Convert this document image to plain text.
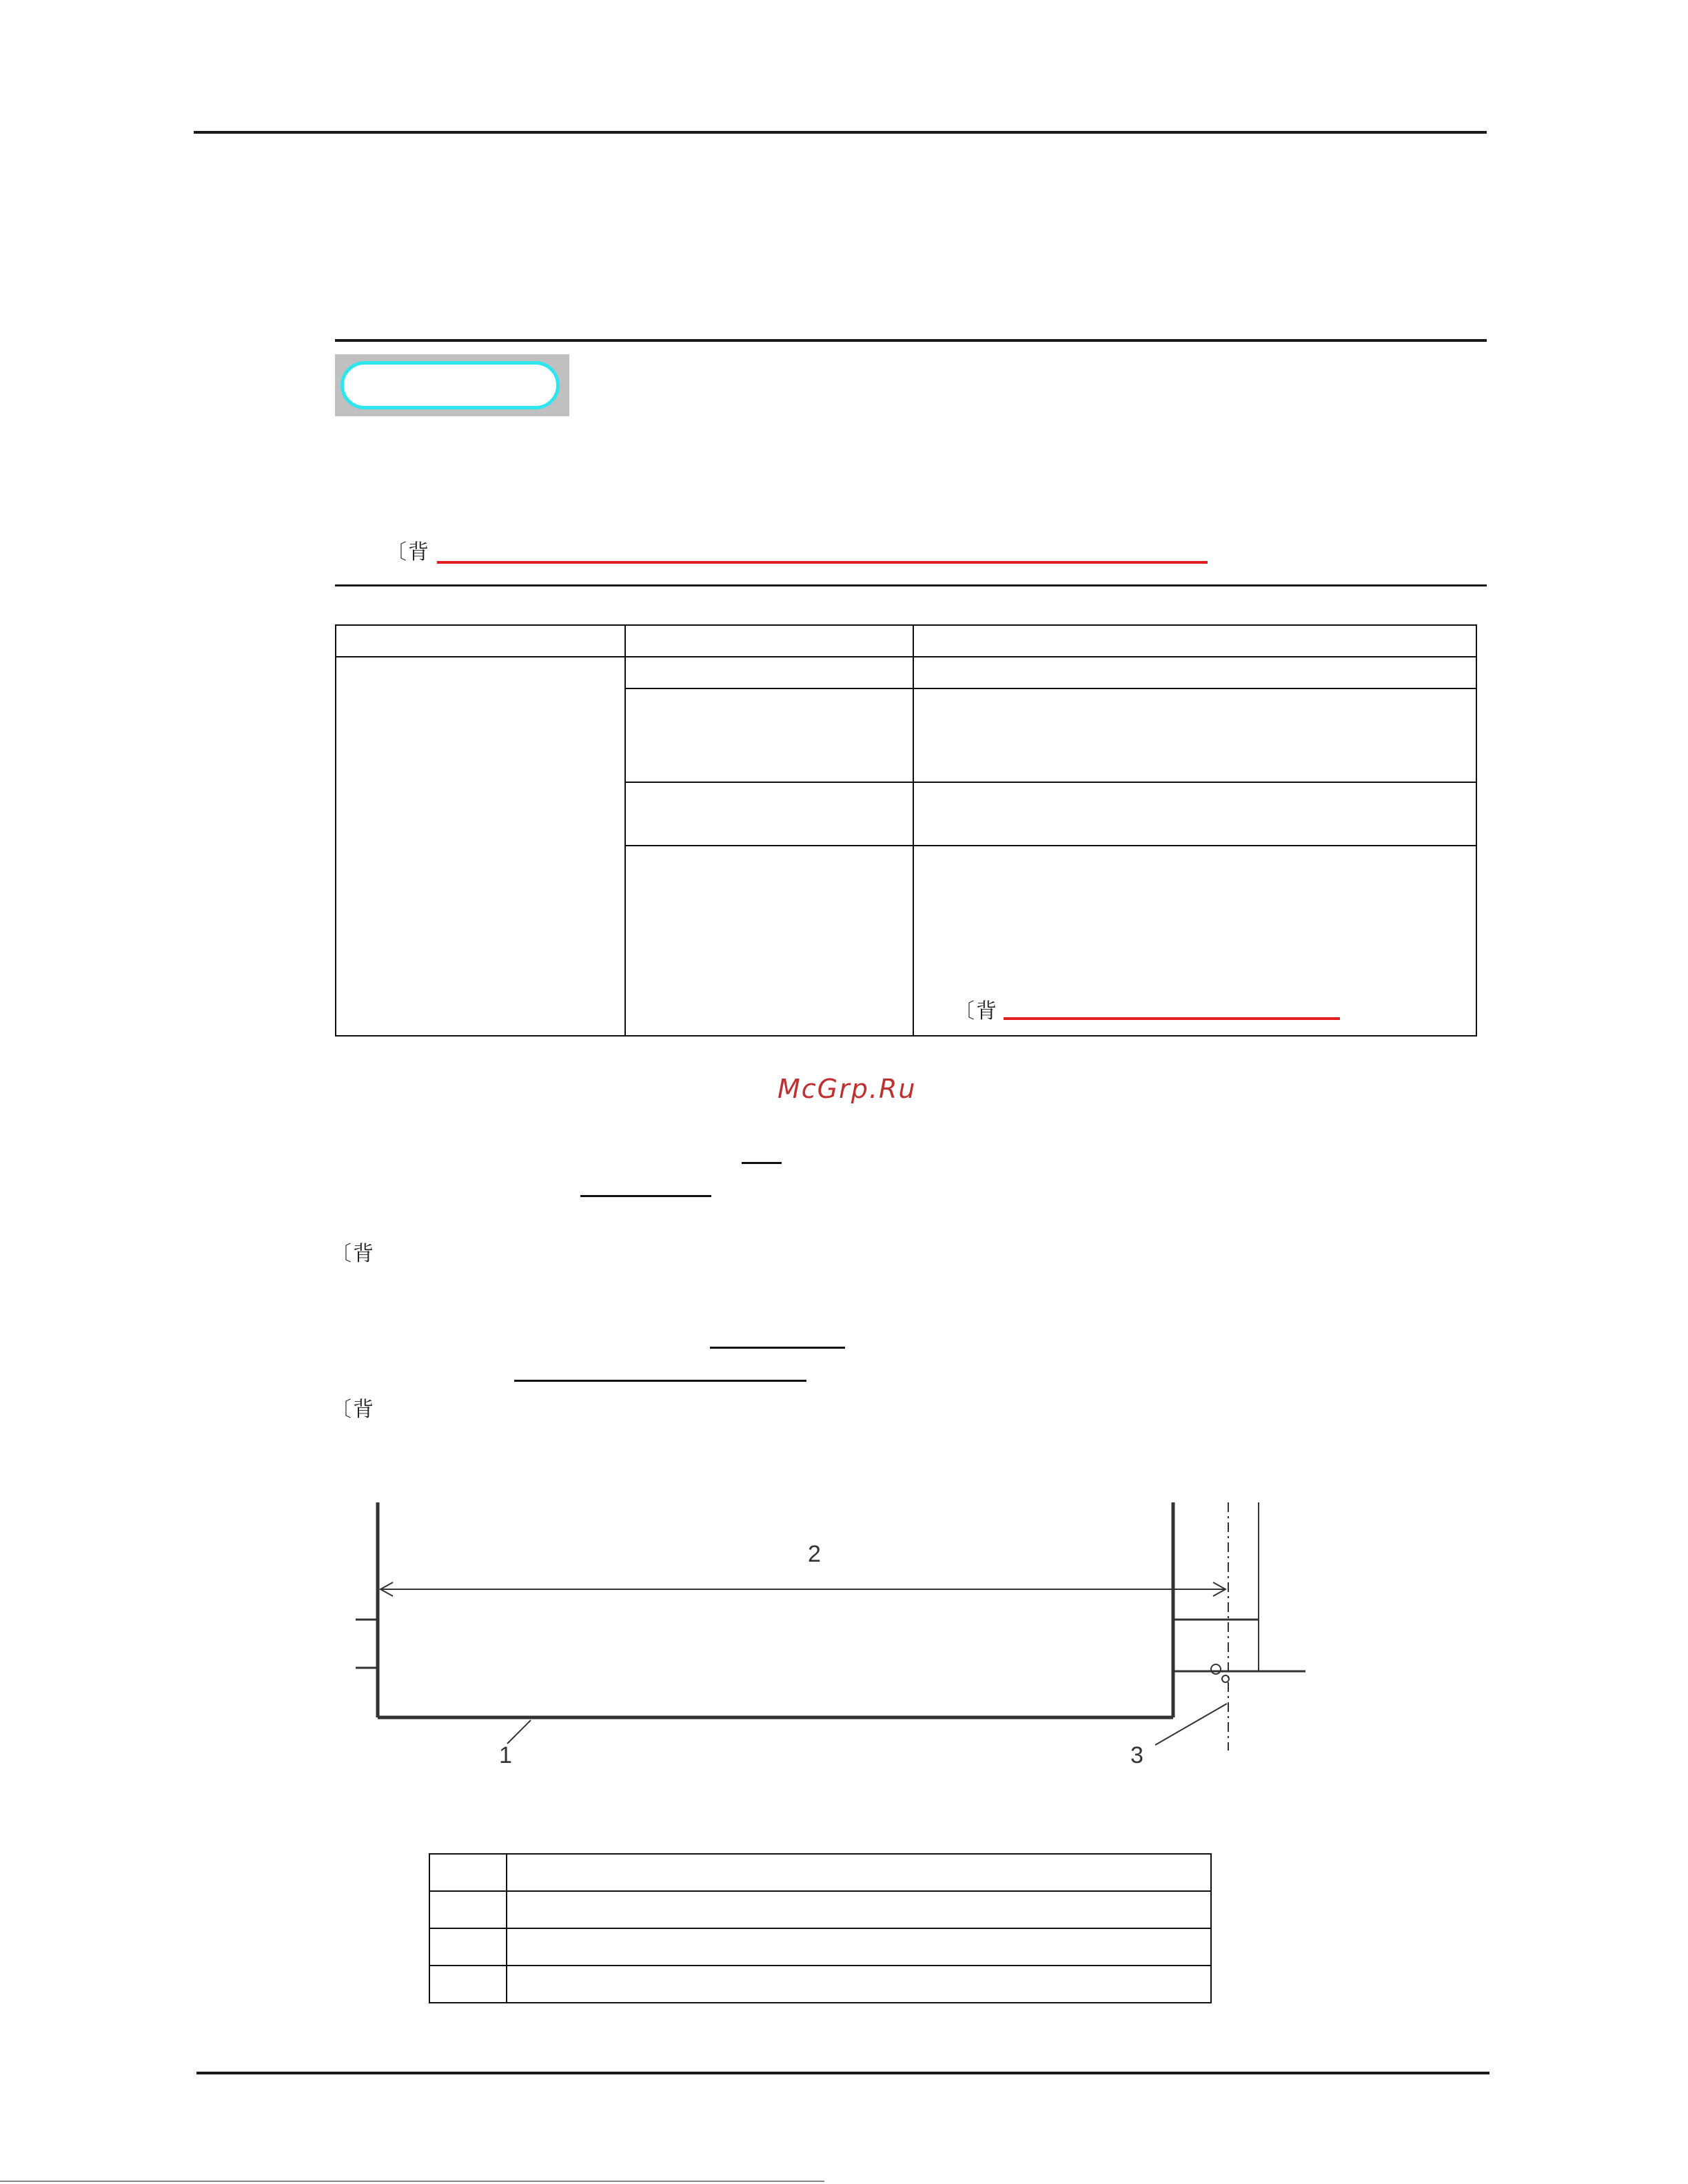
〔背

		〔背
McGrp.Ru
〔背
〔背
2
1	3
